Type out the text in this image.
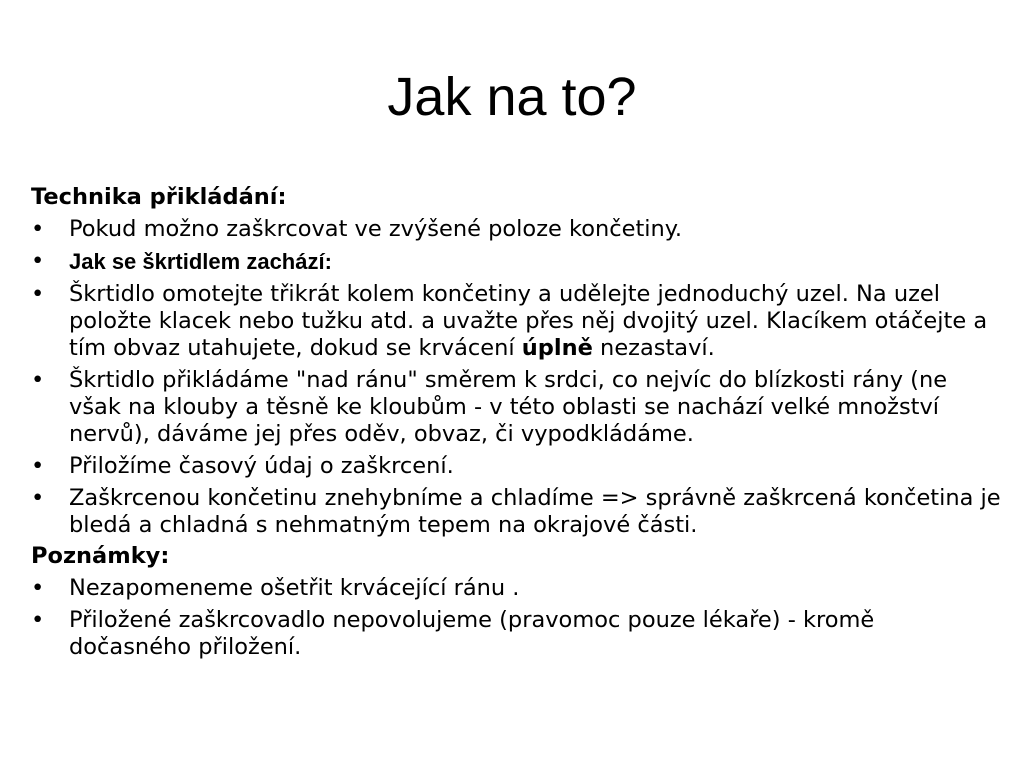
Jak na to?
Technika přikládání:
• Pokud možno zaškrcovat ve zvýšené poloze končetiny.
•	Jak se škrtidlem zachází:
• Škrtidlo omotejte třikrát kolem končetiny a udělejte jednoduchý uzel. Na uzel položte klacek nebo tužku atd. a uvažte přes něj dvojitý uzel. Klacíkem otáčejte a tím obvaz utahujete, dokud se krvácení úplně nezastaví.
• Škrtidlo přikládáme "nad ránu" směrem k srdci, co nejvíc do blízkosti rány (ne však na klouby a těsně ke kloubům - v této oblasti se nachází velké množství nervů), dáváme jej přes oděv, obvaz, či vypodkládáme.
• Přiložíme časový údaj o zaškrcení.
• Zaškrcenou končetinu znehybníme a chladíme => správně zaškrcená končetina je bledá a chladná s nehmatným tepem na okrajové části.
Poznámky:
• Nezapomeneme ošetřit krvácející ránu .
• Přiložené zaškrcovadlo nepovolujeme (pravomoc pouze lékaře) - kromě dočasného přiložení.
